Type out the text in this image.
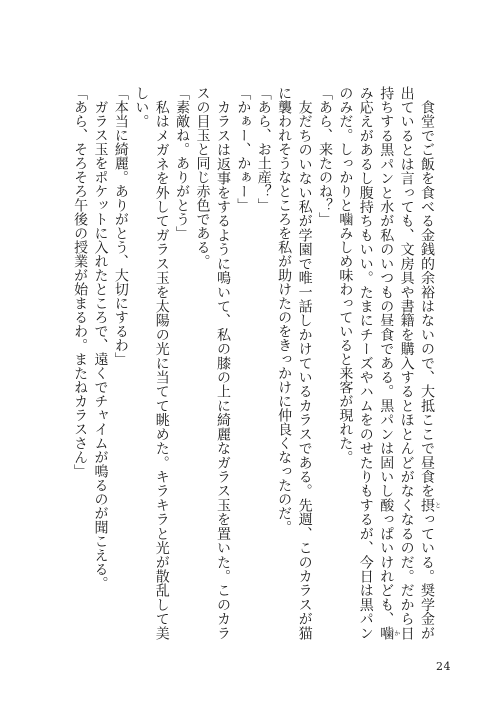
　食堂でご飯を食べる金銭的余裕はないので、大抵ここで昼食を摂とっている。奨学金が出ているとは言っても、文房具や書籍を購入するとほとんどがなくなるのだ。だから日持ちする黒パンと水が私のいつもの昼食である。黒パンは固いし酸っぱいけれども、噛かみ応えがあるし腹持ちもいい。たまにチーズやハムをのせたりもするが、今日は黒パンのみだ。しっかりと噛みしめ味わっていると来客が現れた。

「あら、来たのね？」

　友だちのいない私が学園で唯一話しかけているカラスである。先週、このカラスが猫に襲われそうなところを私が助けたのをきっかけに仲良くなったのだ。

「あら、お土産？」

「かぁー、かぁー」

　カラスは返事をするように鳴いて、私の膝の上に綺麗なガラス玉を置いた。このカラスの目玉と同じ赤色である。

「素敵ね。ありがとう」

　私はメガネを外してガラス玉を太陽の光に当てて眺めた。キラキラと光が散乱して美しい。

「本当に綺麗。ありがとう、大切にするわ」

　ガラス玉をポケットに入れたところで、遠くでチャイムが鳴るのが聞こえる。

「あら、そろそろ午後の授業が始まるわ。またねカラスさん」

24
